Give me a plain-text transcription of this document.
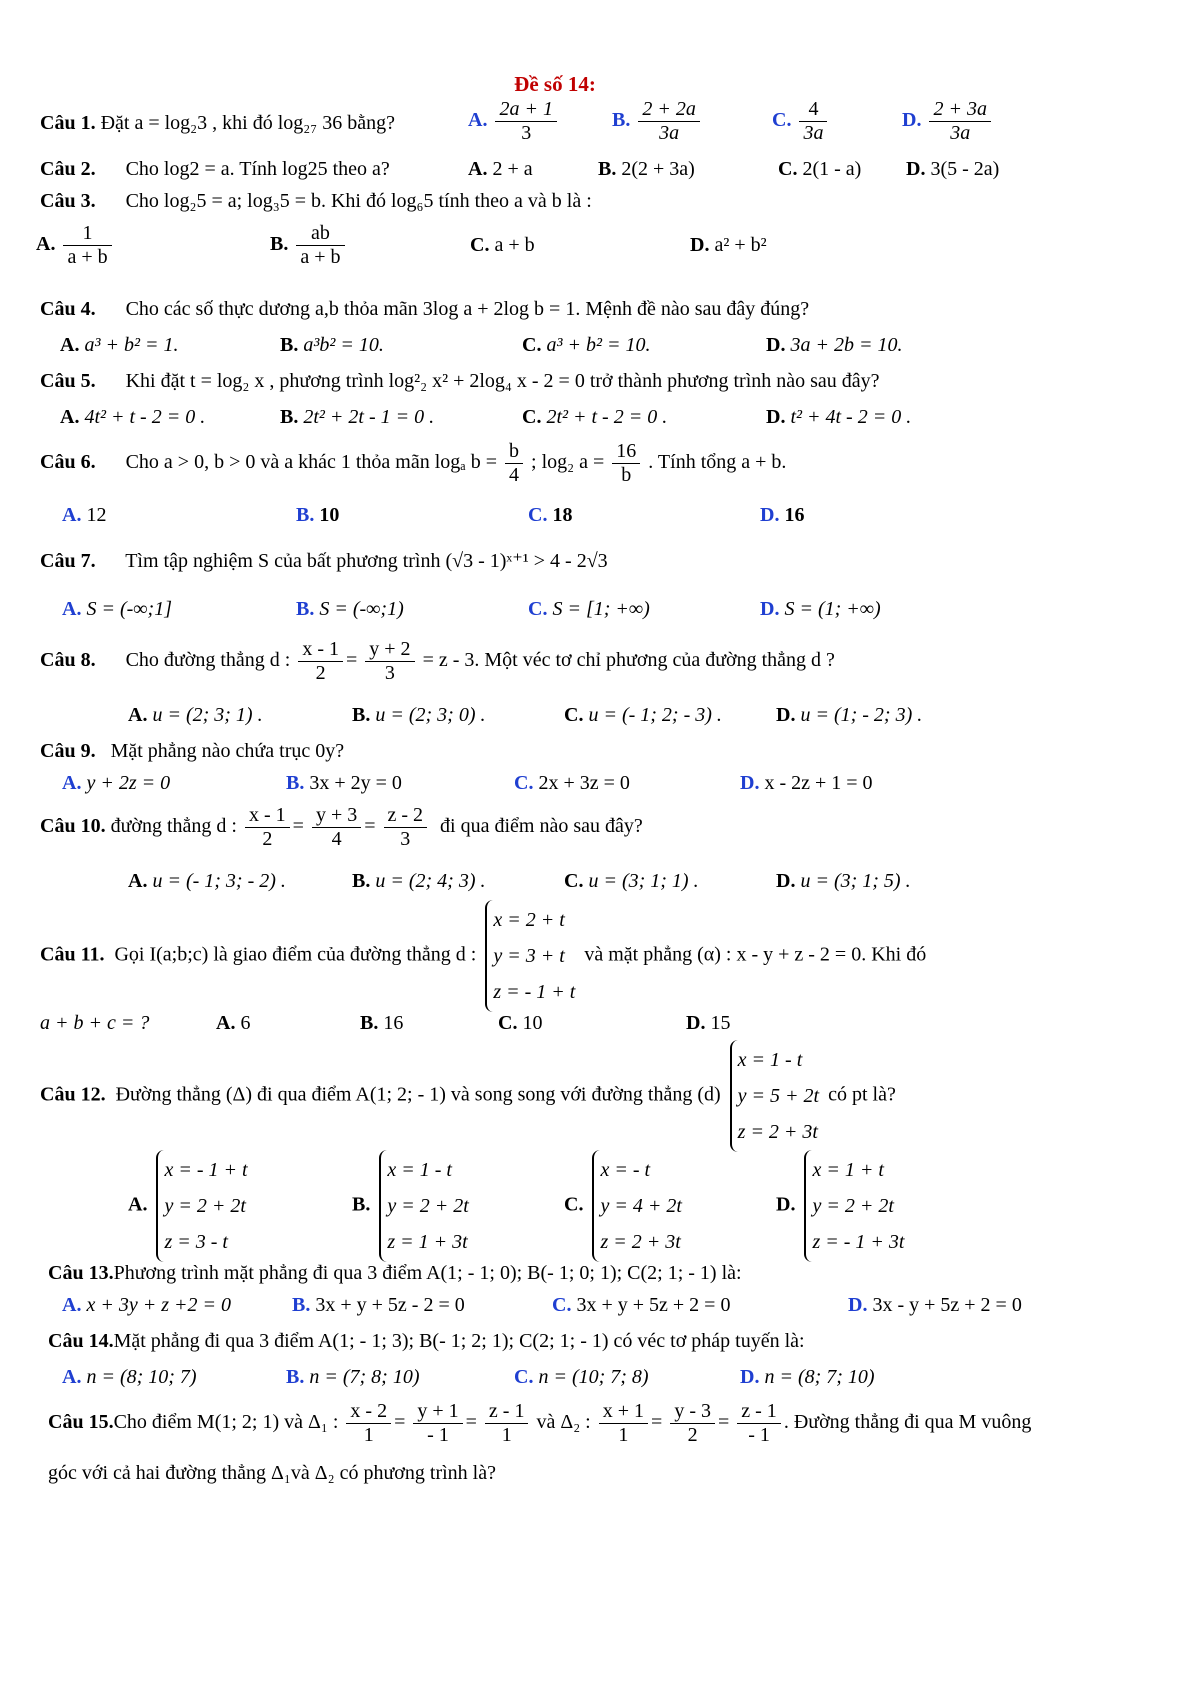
Đề số 14:
Câu 1. Đặt a = log₂3 , khi đó log₂₇ 36 bằng?	A. $\frac{2a + 1}{3}$	B. $\frac{2 + 2a}{3a}$	C. $\frac{4}{3a}$	D. $\frac{2 + 3a}{3a}$
Câu 2. Cho log2 = a. Tính log25 theo a?	A. 2 + a	B. 2(2 + 3a)	C. 2(1 - a) D. 3(5 - 2a)
Câu 3. Cho log₂5 = a; log₃5 = b. Khi đó log₆5 tính theo a và b là :
A. $\frac{1}{a + b}$	B. $\frac{ab}{a + b}$	C. a + b	D. a² + b²
Câu 4. Cho các số thực dương a,b thỏa mãn 3log a + 2log b = 1. Mệnh đề nào sau đây đúng?
A. a³ + b² = 1.	B. a³b² = 10.	C. a³ + b² = 10.	D. 3a + 2b = 10.
Câu 5. Khi đặt t = log₂ x , phương trình log²₂ x² + 2log₄ x - 2 = 0 trở thành phương trình nào sau đây?
A. 4t² + t - 2 = 0 .	B. 2t² + 2t - 1 = 0 .	C. 2t² + t - 2 = 0 .	D. t² + 4t - 2 = 0 .
Câu 6. Cho a > 0, b > 0 và a khác 1 thỏa mãn logₐ $b = \frac{b}{4}$ ; log₂ $a = \frac{16}{b}$ . Tính tổng a + b.
A. 12	B. 10	C. 18	D. 16
Câu 7. Tìm tập nghiệm S của bất phương trình (√3 - 1)ˣ⁺¹ > 4 - 2√3
A. S = (-∞;1]	B. S = (-∞;1)	C. S = [1; +∞)	D. S = (1; +∞)
Câu 8. Cho đường thẳng d : $\frac{x - 1}{2} = \frac{y + 2}{3} = z - 3$. Một véc tơ chỉ phương của đường thẳng d ?
A. u = (2; 3; 1) .	B. u = (2; 3; 0) .	C. u = (- 1; 2; - 3) .	D. u = (1; - 2; 3) .
Câu 9. Mặt phẳng nào chứa trục 0y?
A. y + 2z = 0	B. 3x + 2y = 0	C. 2x + 3z = 0	D. x - 2z + 1 = 0
Câu 10. đường thẳng d : $\frac{x - 1}{2} = \frac{y + 3}{4} = \frac{z - 2}{3}$ đi qua điểm nào sau đây?
A. u = (- 1; 3; - 2) .	B. u = (2; 4; 3) .	C. u = (3; 1; 1) .	D. u = (3; 1; 5) .
Câu 11. Gọi I(a;b;c) là giao điểm của đường thẳng d :
x = 2 + t
y = 3 + t
z = - 1 + t
và mặt phẳng (α) : x - y + z - 2 = 0. Khi đó
a + b + c = ?	A. 6	B. 16	C. 10	D. 15
Câu 12. Đường thẳng (Δ) đi qua điểm A(1; 2; - 1) và song song với đường thẳng (d)
x = 1 - t
y = 5 + 2t
z = 2 + 3t
có pt là?
A.
x = - 1 + t
y = 2 + 2t
z = 3 - t
B.
x = 1 - t
y = 2 + 2t
z = 1 + 3t
C.
x = - t
y = 4 + 2t
z = 2 + 3t
D.
x = 1 + t
y = 2 + 2t
z = - 1 + 3t
Câu 13.Phương trình mặt phẳng đi qua 3 điểm A(1; - 1; 0); B(- 1; 0; 1); C(2; 1; - 1) là:
A. x + 3y + z +2 = 0	B. 3x + y + 5z - 2 = 0	C. 3x + y + 5z + 2 = 0	D. 3x - y + 5z + 2 = 0
Câu 14.Mặt phẳng đi qua 3 điểm A(1; - 1; 3); B(- 1; 2; 1); C(2; 1; - 1) có véc tơ pháp tuyến là:
A. n = (8; 10; 7)	B. n = (7; 8; 10)	C. n = (10; 7; 8)	D. n = (8; 7; 10)
Câu 15.Cho điểm M(1; 2; 1) và Δ₁ : $\frac{x - 2}{1} = \frac{y + 1}{- 1} = \frac{z - 1}{1}$ và Δ₂ : $\frac{x + 1}{1} = \frac{y - 3}{2} = \frac{z - 1}{- 1}$ . Đường thẳng đi qua M vuông
góc với cả hai đường thẳng Δ₁và Δ₂ có phương trình là?
